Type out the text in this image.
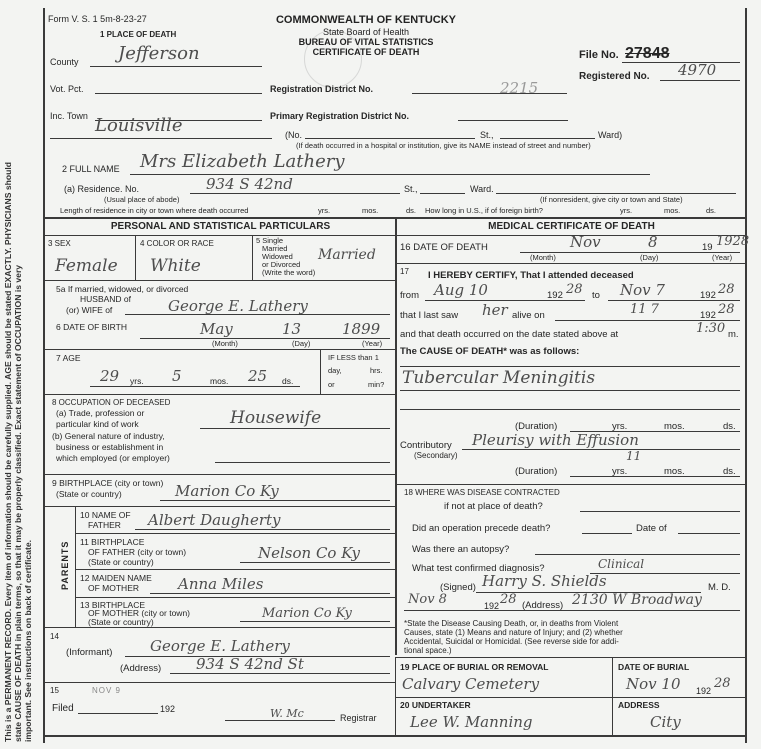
This is a PERMANENT RECORD. Every item of information should be carefully supplied. AGE should be stated EXACTLY. PHYSICIANS should state CAUSE OF DEATH in plain terms, so that it may be properly classified. Exact statement of OCCUPATION is very important. See instructions on back of certificate.
Form V. S. 1 5m-8-23-27
1 PLACE OF DEATH
COMMONWEALTH OF KENTUCKY
State Board of Health
BUREAU OF VITAL STATISTICS
CERTIFICATE OF DEATH	File No. 27848
Registered No. 4970
County Jefferson
Vot. Pct.	Registration District No.	2215
Inc. Town	Primary Registration District No.
Louisville	(No.	St.,	Ward)
(If death occurred in a hospital or institution, give its NAME instead of street and number)
2 FULL NAME Mrs Elizabeth Lathery
(a) Residence. No.	934 S 42nd	St.,	Ward.
(Usual place of abode)	(If nonresident, give city or town and State)
Length of residence in city or town where death occurred	yrs.	mos.	ds. How long in U.S., if of foreign birth?	yrs.	mos.	ds.
PERSONAL AND STATISTICAL PARTICULARS
3 SEX
Female
4 COLOR OR RACE
White
5 Single
Married
Widowed
or Divorced
(Write the word)
Married
5a If married, widowed, or divorced
HUSBAND of
(or) WIFE of	George E. Lathery
6 DATE OF BIRTH	May	13	1899
(Month)	(Day)	(Year)
7 AGE
29 yrs. 5	mos. 25 ds.
IF LESS than 1
day,	hrs.
or	min?
8 OCCUPATION OF DECEASED
(a) Trade, profession or
particular kind of work	Housewife
(b) General nature of industry,
business or establishment in
which employed (or employer)
9 BIRTHPLACE (city or town)
(State or country)	Marion Co Ky
PARENTS
10 NAME OF
FATHER Albert Daugherty
11 BIRTHPLACE
OF FATHER (city or town)
(State or country)	Nelson Co Ky
12 MAIDEN NAME
OF MOTHER	Anna Miles
13 BIRTHPLACE
OF MOTHER (city or town)
(State or country)
Marion Co Ky
14
(Informant)	George E. Lathery
(Address) 934 S 42nd St
15
Filed
NOV 9
192	W. Mc	Registrar
MEDICAL CERTIFICATE OF DEATH
16 DATE OF DEATH	Nov	8	19 1928
(Month)	(Day)	(Year)
17 I HEREBY CERTIFY, That I attended deceased
from Aug 10	192 28 to Nov 7	192 28
that I last saw her alive on	11 7	192 28
and that death occurred on the date stated above at	1:30 m.
The CAUSE OF DEATH* was as follows:
Tubercular Meningitis
(Duration)	yrs.	mos.	ds.
Contributory Pleurisy with Effusion
(Secondary)	11
(Duration)	yrs.	mos.	ds.
18 WHERE WAS DISEASE CONTRACTED
if not at place of death?
Did an operation precede death?	Date of
Was there an autopsy?
What test confirmed diagnosis?	Clinical
(Signed) Harry S. Shields	M. D.
Nov 8	192 28 (Address) 2130 W Broadway
*State the Disease Causing Death, or, in deaths from Violent
Causes, state (1) Means and nature of Injury; and (2) whether
Accidental, Suicidal or Homicidal. (See reverse side for addi-
tional space.)
19 PLACE OF BURIAL OR REMOVAL	DATE OF BURIAL
Calvary Cemetery	Nov 10 192 28
20 UNDERTAKER	ADDRESS
Lee W. Manning	City
